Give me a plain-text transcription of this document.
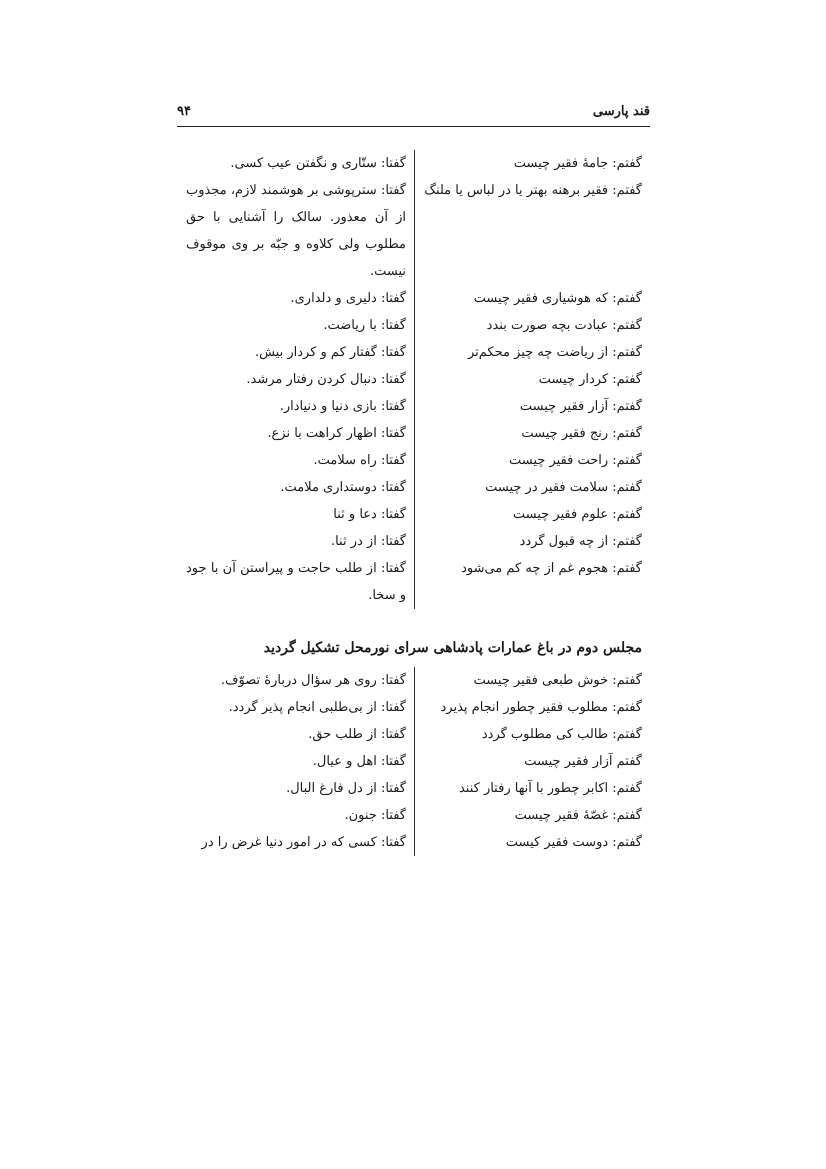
قند پارسی
۹۴
گفتم: جامهٔ فقیر چیست
گفتا: ستّاری و نگفتن عیب کسی.
گفتم: فقیر برهنه بهتر یا در لباس یا ملنگ
گفتا: ستر‌پوشی بر هوشمند لازم، مجذوب از آن معذور. سالک را آشنایی با حق مطلوب ولی کلاوه و جبّه بر وی موقوف نیست.
گفتم: که هوشیاری فقیر چیست
گفتا: دلیری و دلداری.
گفتم: عبادت بچه صورت بندد
گفتا: با ریاضت.
گفتم: از ریاضت چه چیز محکم‌تر
گفتا: گفتار کم و کردار بیش.
گفتم: کردار چیست
گفتا: دنبال کردن رفتار مرشد.
گفتم: آزار فقیر چیست
گفتا: بازی دنیا و دنیادار.
گفتم: رنج فقیر چیست
گفتا: اظهار کراهت با نزع.
گفتم: راحت فقیر چیست
گفتا: راه سلامت.
گفتم: سلامت فقیر در چیست
گفتا: دوستداری ملامت.
گفتم: علوم فقیر چیست
گفتا: دعا و ثنا
گفتم: از چه قبول گردد
گفتا: از در ثنا.
گفتم: هجوم غم از چه کم می‌شود
گفتا: از طلب حاجت و پیراستن آن با جود و سخا.
مجلس دوم در باغ عمارات پادشاهی سرای نورمحل تشکیل گردید
گفتم: خوش طبعی فقیر چیست
گفتا: روی هر سؤال دربارهٔ تصوّف.
گفتم: مطلوب فقیر چطور انجام پذیرد
گفتا: از بی‌طلبی انجام پذیر گردد.
گفتم: طالب کی مطلوب گردد
گفتا: از طلب حق.
گفتم آزار فقیر چیست
گفتا: اهل و عیال.
گفتم: اکابر چطور با آنها رفتار کنند
گفتا: از دل فارغ البال.
گفتم: غصّهٔ فقیر چیست
گفتا: جنون.
گفتم: دوست فقیر کیست
گفتا: کسی که در امور دنیا غرض را در
